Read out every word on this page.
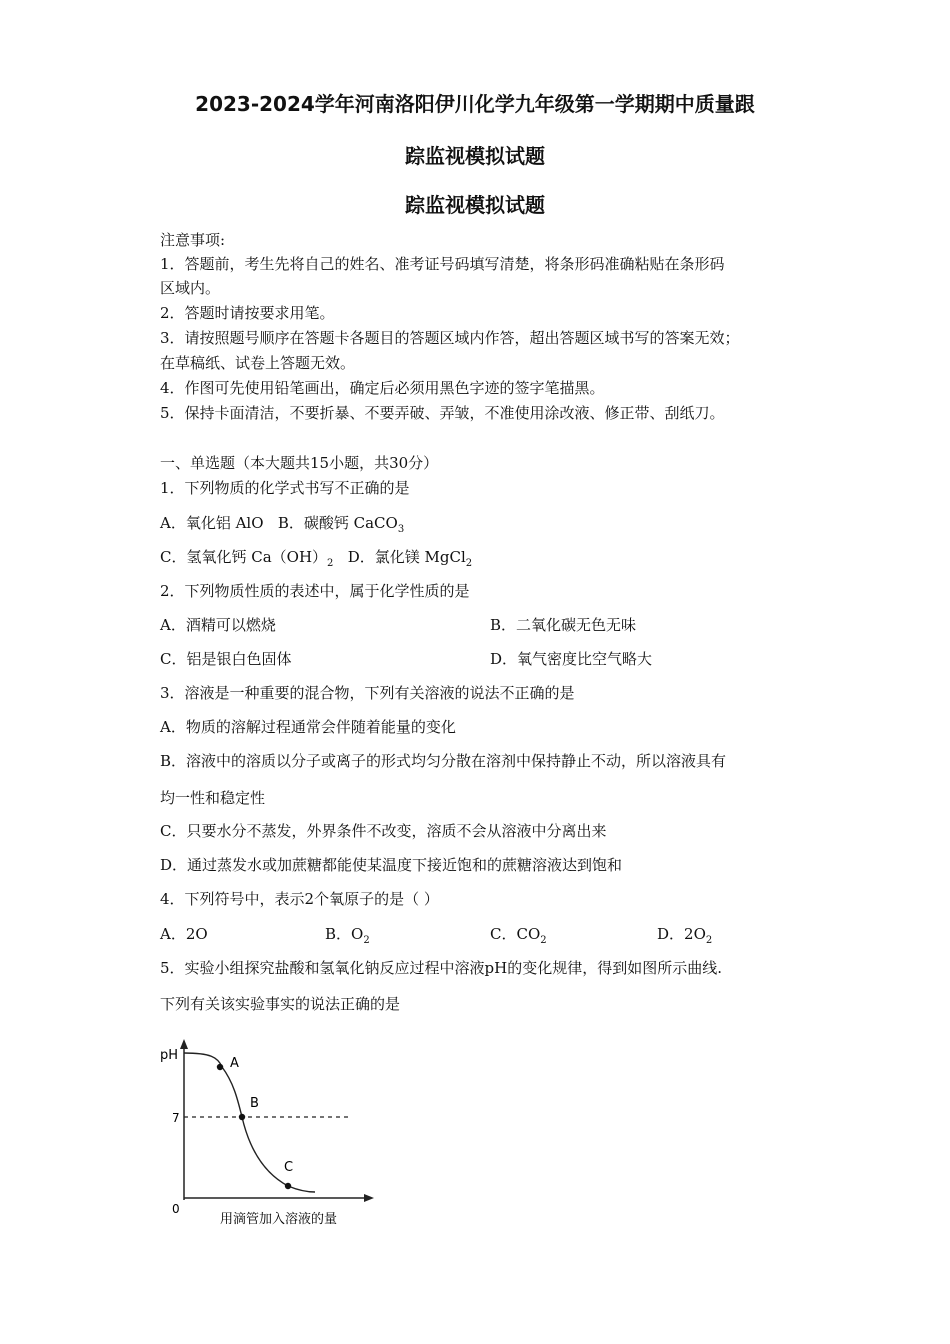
2023-2024学年河南洛阳伊川化学九年级第一学期期中质量跟
踪监视模拟试题
踪监视模拟试题
注意事项:
1．答题前，考生先将自己的姓名、准考证号码填写清楚，将条形码准确粘贴在条形码
区域内。
2．答题时请按要求用笔。
3．请按照题号顺序在答题卡各题目的答题区域内作答，超出答题区域书写的答案无效；
在草稿纸、试卷上答题无效。
4．作图可先使用铅笔画出，确定后必须用黑色字迹的签字笔描黑。
5．保持卡面清洁，不要折暴、不要弄破、弄皱，不准使用涂改液、修正带、刮纸刀。
一、单选题（本大题共15小题，共30分）
1．下列物质的化学式书写不正确的是
A．氧化铝 AlO B．碳酸钙 CaCO$_3$
C．氢氧化钙 $Ca(OH)_2$ D．氯化镁 MgCl$_2$
2．下列物质性质的表述中，属于化学性质的是
A．酒精可以燃烧	B．二氧化碳无色无味
C．铝是银白色固体	D．氧气密度比空气略大
3．溶液是一种重要的混合物，下列有关溶液的说法不正确的是
A．物质的溶解过程通常会伴随着能量的变化
B．溶液中的溶质以分子或离子的形式均匀分散在溶剂中保持静止不动，所以溶液具有
均一性和稳定性
C．只要水分不蒸发，外界条件不改变，溶质不会从溶液中分离出来
D．通过蒸发水或加蔗糖都能使某温度下接近饱和的蔗糖溶液达到饱和
4．下列符号中，表示2个氧原子的是（ ）
A．2O	B．$O_2$	C．$CO_2$	D．$2O_2$
5．实验小组探究盐酸和氢氧化钠反应过程中溶液pH的变化规律，得到如图所示曲线.
下列有关该实验事实的说法正确的是
pH
7
0
A
B
C
用滴管加入溶液的量
